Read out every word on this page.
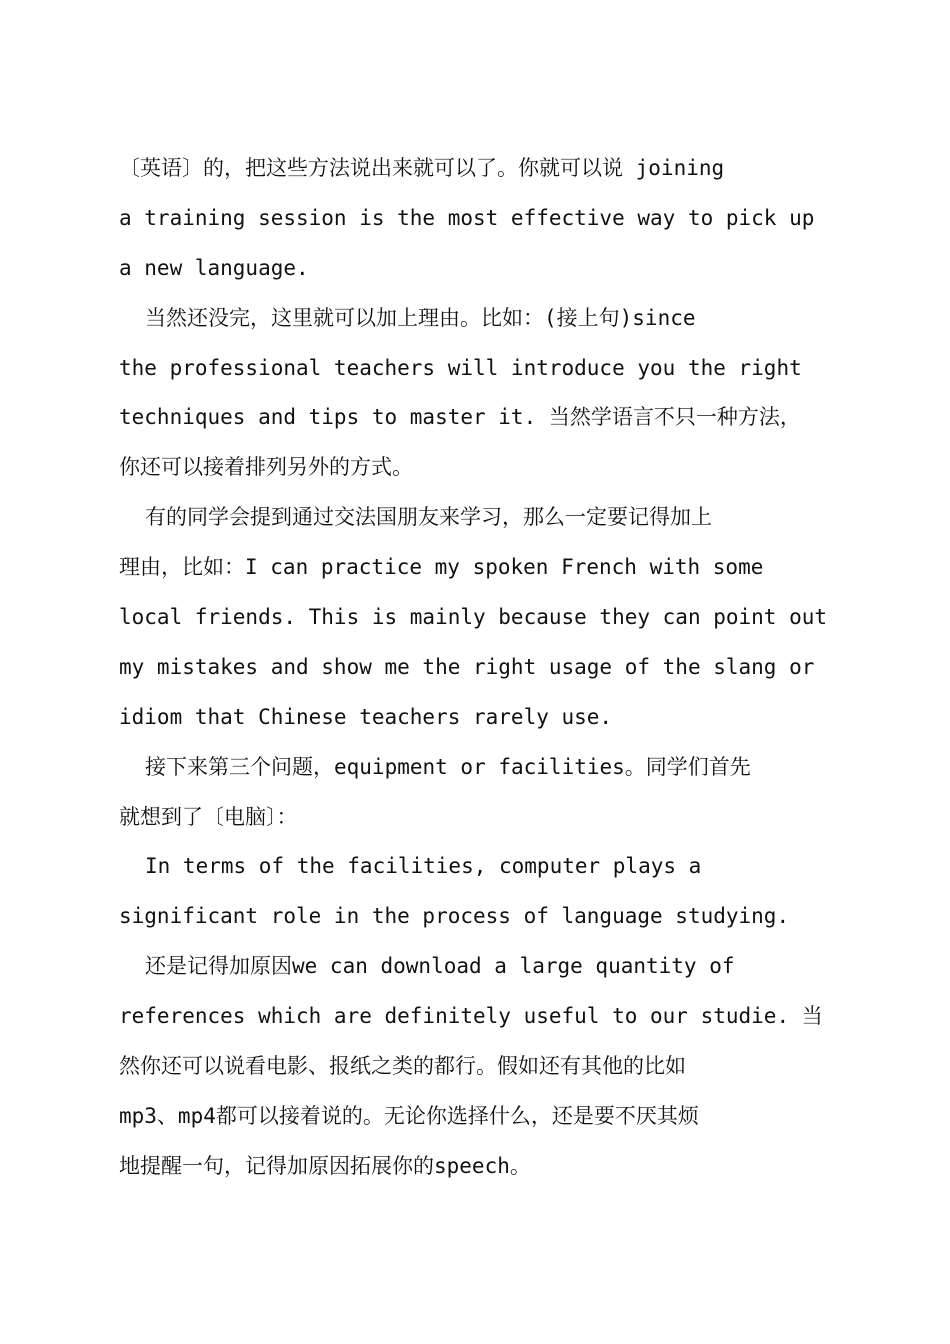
〔英语〕的，把这些方法说出来就可以了。你就可以说 joining
a training session is the most effective way to pick up
a new language.
当然还没完，这里就可以加上理由。比如：(接上句)since
the professional teachers will introduce you the right
techniques and tips to master it. 当然学语言不只一种方法，
你还可以接着排列另外的方式。
有的同学会提到通过交法国朋友来学习，那么一定要记得加上
理由，比如：I can practice my spoken French with some
local friends. This is mainly because they can point out
my mistakes and show me the right usage of the slang or
idiom that Chinese teachers rarely use.
接下来第三个问题，equipment or facilities。同学们首先
就想到了〔电脑〕：
In terms of the facilities, computer plays a
significant role in the process of language studying.
还是记得加原因we can download a large quantity of
references which are definitely useful to our studie. 当
然你还可以说看电影、报纸之类的都行。假如还有其他的比如
mp3、mp4都可以接着说的。无论你选择什么，还是要不厌其烦
地提醒一句，记得加原因拓展你的speech。
